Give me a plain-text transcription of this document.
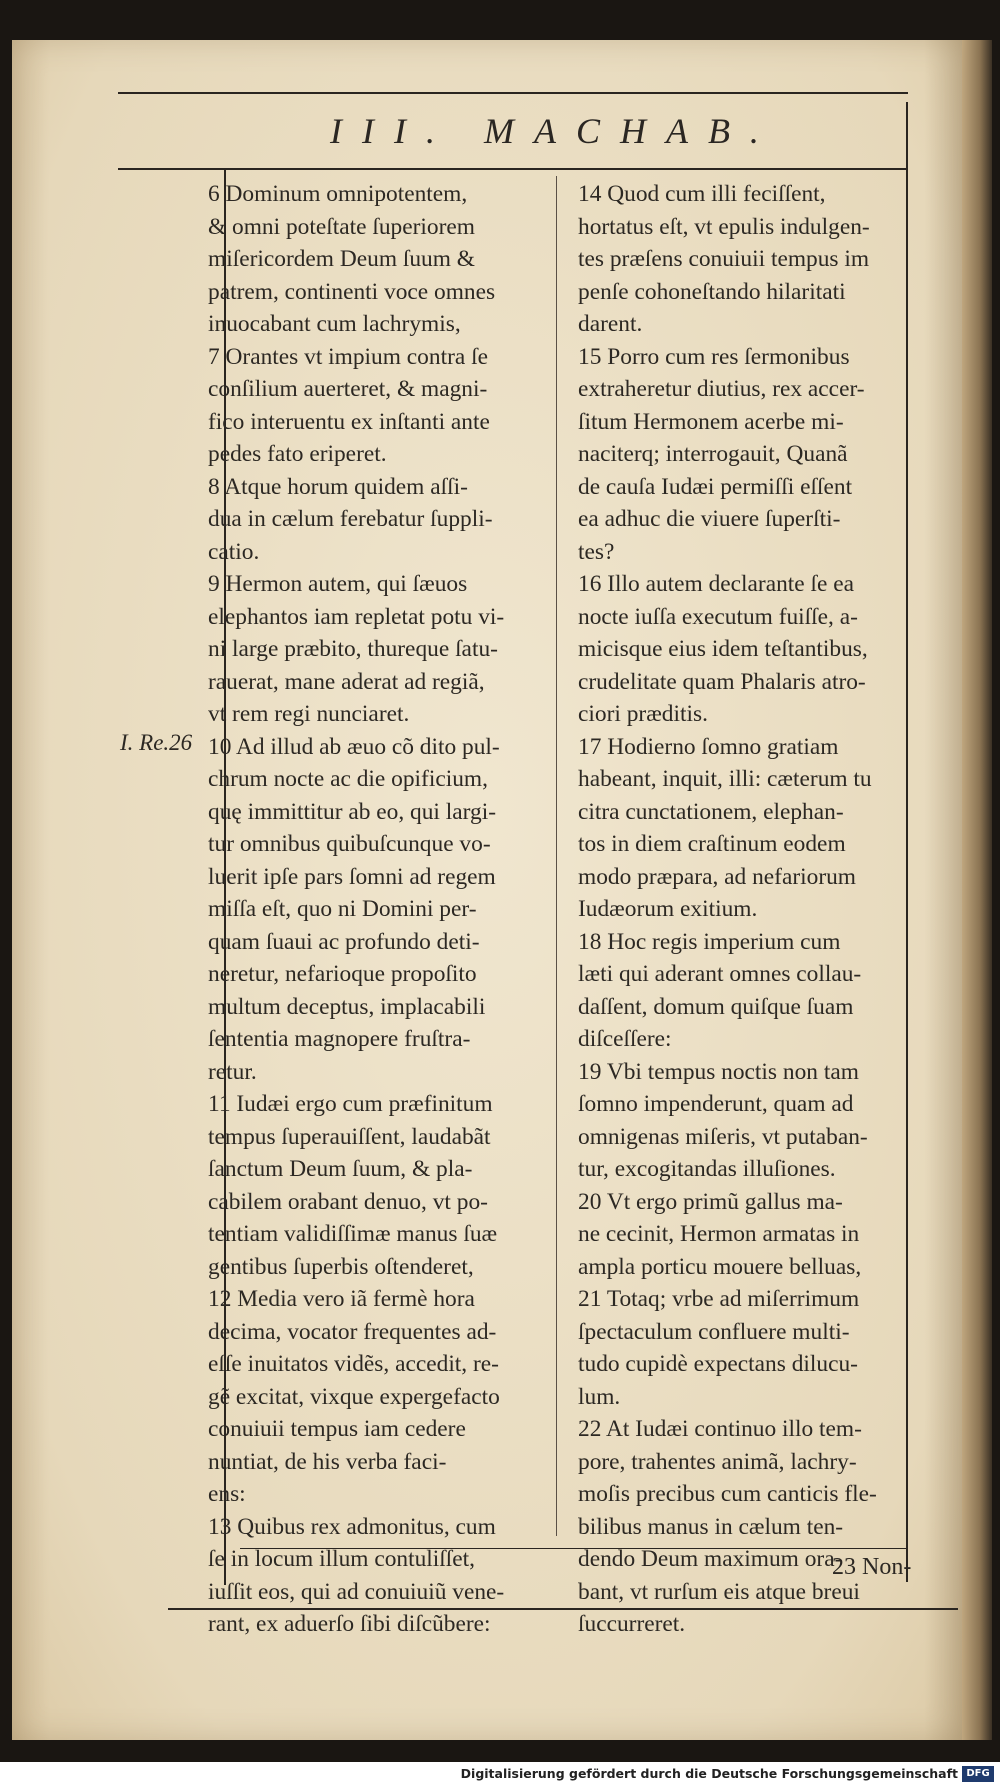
III. MACHAB.
I. Re.26
6 Dominum omnipotentem,
& omni poteſtate ſuperiorem
miſericordem Deum ſuum &
patrem, continenti voce omnes
inuocabant cum lachrymis,
7 Orantes vt impium contra ſe
conſilium auerteret, & magni-
fico interuentu ex inſtanti ante
pedes fato eriperet.
8 Atque horum quidem aſſi-
dua in cælum ferebatur ſuppli-
catio.
9 Hermon autem, qui ſæuos
elephantos iam repletat potu vi-
ni large præbito, thureque ſatu-
rauerat, mane aderat ad regiã,
vt rem regi nunciaret.
10 Ad illud ab æuo cõ dito pul-
chrum nocte ac die opificium,
quę immittitur ab eo, qui largi-
tur omnibus quibuſcunque vo-
luerit ipſe pars ſomni ad regem
miſſa eſt, quo ni Domini per-
quam ſuaui ac profundo deti-
neretur, nefarioque propoſito
multum deceptus, implacabili
ſententia magnopere fruſtra-
retur.
11 Iudæi ergo cum præfinitum
tempus ſuperauiſſent, laudabãt
ſanctum Deum ſuum, & pla-
cabilem orabant denuo, vt po-
tentiam validiſſimæ manus ſuæ
gentibus ſuperbis oſtenderet,
12 Media vero iã fermè hora
decima, vocator frequentes ad-
eſſe inuitatos vidẽs, accedit, re-
gẽ excitat, vixque expergefacto
conuiuii tempus iam cedere
nuntiat, de his verba faci-
ens:
13 Quibus rex admonitus, cum
ſe in locum illum contuliſſet,
iuſſit eos, qui ad conuiuiũ vene-
rant, ex aduerſo ſibi diſcũbere:
14 Quod cum illi feciſſent,
hortatus eſt, vt epulis indulgen-
tes præſens conuiuii tempus im
penſe cohoneſtando hilaritati
darent.
15 Porro cum res ſermonibus
extraheretur diutius, rex accer-
ſitum Hermonem acerbe mi-
naciterq; interrogauit, Quanã
de cauſa Iudæi permiſſi eſſent
ea adhuc die viuere ſuperſti-
tes?
16 Illo autem declarante ſe ea
nocte iuſſa executum fuiſſe, a-
micisque eius idem teſtantibus,
crudelitate quam Phalaris atro-
ciori præditis.
17 Hodierno ſomno gratiam
habeant, inquit, illi: cæterum tu
citra cunctationem, elephan-
tos in diem craſtinum eodem
modo præpara, ad nefariorum
Iudæorum exitium.
18 Hoc regis imperium cum
læti qui aderant omnes collau-
daſſent, domum quiſque ſuam
diſceſſere:
19 Vbi tempus noctis non tam
ſomno impenderunt, quam ad
omnigenas miſeris, vt putaban-
tur, excogitandas illuſiones.
20 Vt ergo primũ gallus ma-
ne cecinit, Hermon armatas in
ampla porticu mouere belluas,
21 Totaq; vrbe ad miſerrimum
ſpectaculum confluere multi-
tudo cupidè expectans dilucu-
lum.
22 At Iudæi continuo illo tem-
pore, trahentes animã, lachry-
moſis precibus cum canticis fle-
bilibus manus in cælum ten-
dendo Deum maximum ora-
bant, vt rurſum eis atque breui
ſuccurreret.
23 Non-
Digitalisierung gefördert durch die Deutsche Forschungsgemeinschaft DFG
